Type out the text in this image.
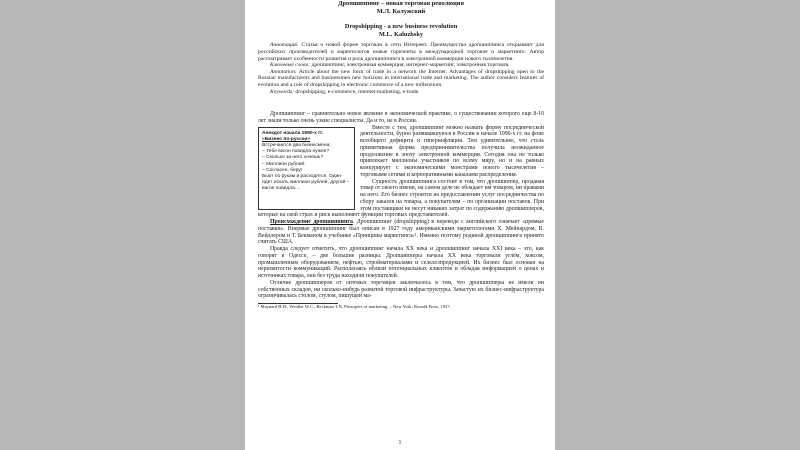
Дропшиппинг – новая торговая революция

М.Л. Калужский

Dropshipping - a new business revolution

M.L. Kaluzhsky

Аннотация: Статья о новой форме торговли в сети Интернет. Преимущества дропшиппинга открывают для российских производителей и маркетологов новые горизонты в международной торговле и маркетинге. Автор рассматривает особенности развития и роль дропшиппинга в электронной коммерции нового тысячелетия.

Ключевые слова: дропшиппинг, электронная коммерция, интернет-маркетинг, электронная торговля.

Annotation: Article about the new form of trade in a network the Internet. Advantages of dropshipping open to the Russian manufacturers and businessmen new horizons in international trade and marketing. The author considers features of evolution and a role of dropshipping in electronic commerce of a new millennium.

Keywords: dropshipping, e-commerce, internet-marketing, e-trade.

Дропшиппинг – сравнительно новое явление в экономической практике, о существовании которого еще 8-10 лет знали только очень узкие специалисты. Да и то, не в России.

Анекдот начала 1990-х гг.
«Бизнес по-русски»
Встречаются два бизнесмена:
– Тебе вагон повидла нужен?
– Сколько за него хочешь?
– Миллион рублей.
– Согласен, беру!
Бьют по рукам и расходятся. Один идёт искать миллион рублей, другой – вагон повидла…

Вместе с тем, дропшиппинг можно назвать форму посреднической деятельности, бурно развивавшуюся в России в начале 1990-х гг. на фоне всеобщего дефицита и гиперинфляции. Тем удивительнее, что столь примитивная форма предпринимательства получила неожиданное продолжение в эпоху электронной коммерции. Сегодня она не только привлекает миллионы участников по всему миру, но и на равных конкурирует с экономическими монстрами нового тысячелетия – торговыми сетями и корпоративными каналами распределения.

Сущность дропшиппинга состоит в том, что дропшиппер, продавая товар от своего имени, на самом деле не обладает им товаром, ни правами на него. Его бизнес строится на предоставлении услуг посредничества по сбору заказов на товары, а покупателям – по организации поставок. При этом поставщики не несут никаких затрат по содержанию дропшипперов, которые на свой страх и риск выполняют функции торговых представителей.

Происхождение дропшиппинга. Дропшиппинг (dropshipping) в переводе с английского означает «прямые поставки». Впервые дропшиппинг был описан в 1927 году американскими маркетологами Х. Мейнардом, В. Вейдлером и Т. Бекманом в учебнике «Принципы маркетинга»¹. Именно поэтому родиной дропшиппинга принято считать США.

Правда следует отметить, что дропшиппинг начала XX века и дропшиппинг начала XXI века – это, как говорят в Одессе, – две большие разницы. Дропшипперы начала XX века торговали углём, коксом, промышленным оборудованием, нефтью, стройматериалами и сельхозпродукцией. Их бизнес был основан на неразвитости коммуникаций. Располагаясь вблизи потенциальных клиентов и обладая информацией о ценах и источниках товара, они без труда находили покупателей.

Отличие дропшипперов от оптовых торговцев заключалось в том, что дропшипперы не имели ни собственных складов, ни сколько-нибудь развитой торговой инфраструктуры. Зачастую их бизнес-инфраструктура ограничивалась столом, стулом, пишущей ма-

¹ Maynard H.H., Weidler W.C., Beckman T.N. Principles of marketing. – New York: Ronald Press, 1927.

1
